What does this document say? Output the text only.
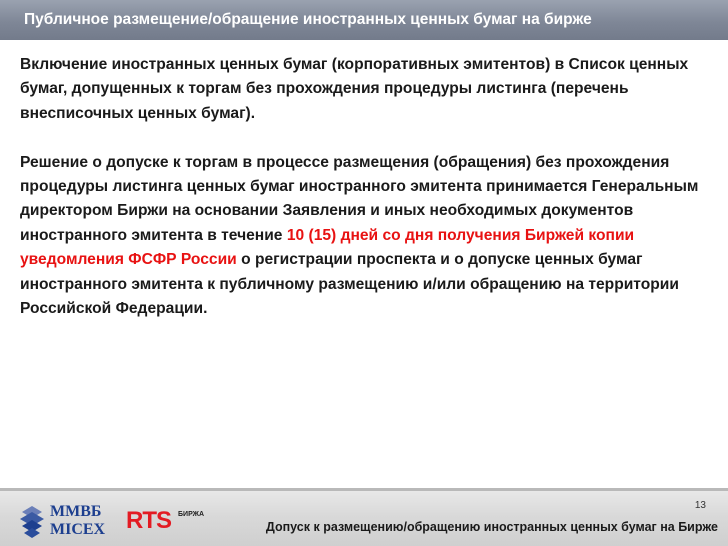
Публичное размещение/обращение иностранных ценных бумаг на бирже

Включение иностранных ценных бумаг (корпоративных эмитентов) в Список ценных бумаг, допущенных к торгам без прохождения процедуры листинга (перечень внесписочных ценных бумаг).

Решение о допуске к торгам в процессе размещения (обращения) без прохождения процедуры листинга ценных бумаг иностранного эмитента принимается Генеральным директором Биржи на основании Заявления и иных необходимых документов иностранного эмитента в течение 10 (15) дней со дня получения Биржей копии уведомления ФСФР России о регистрации проспекта и о допуске ценных бумаг иностранного эмитента к публичному размещению и/или обращению на территории Российской Федерации.

ММВБ
MICEX RTS БИРЖА
13
Допуск к размещению/обращению иностранных ценных бумаг на Бирже
